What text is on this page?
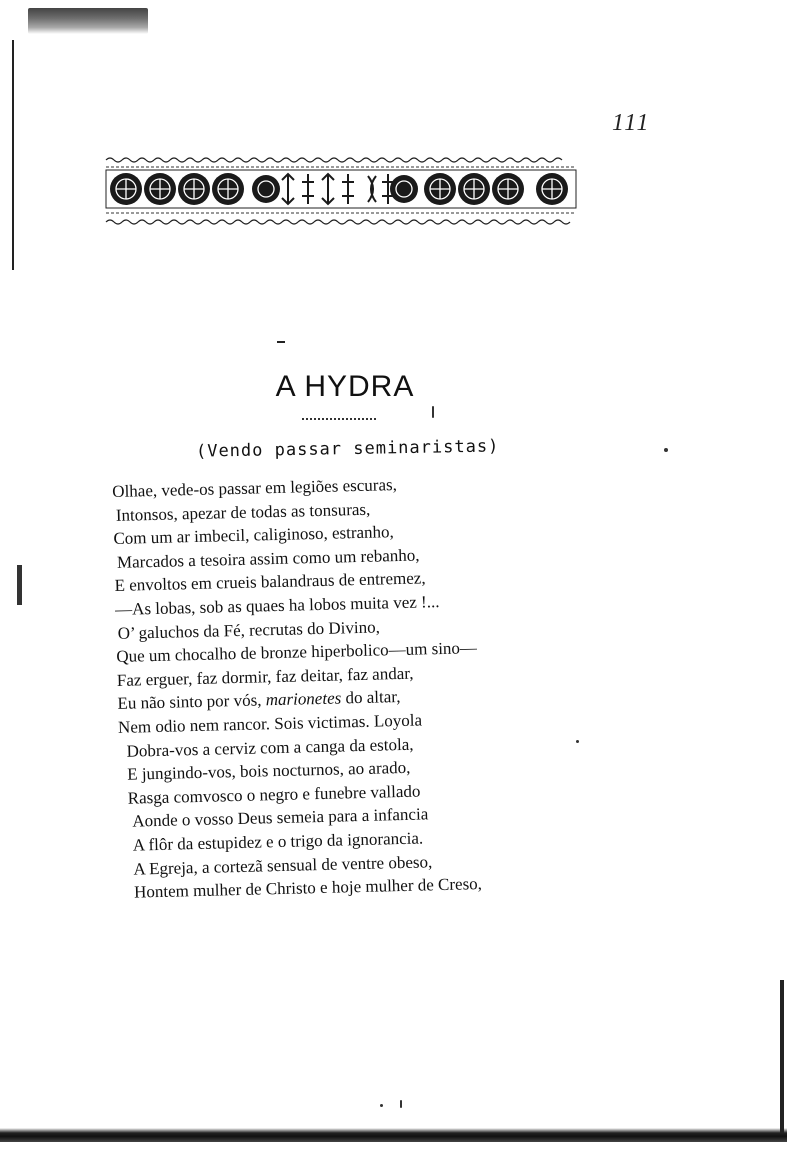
111
A HYDRA
(Vendo passar seminaristas)
Olhae, vede-os passar em legiões escuras,
Intonsos, apezar de todas as tonsuras,
Com um ar imbecil, caliginoso, estranho,
Marcados a tesoira assim como um rebanho,
E envoltos em crueis balandraus de entremez,
—As lobas, sob as quaes ha lobos muita vez !...
O’ galuchos da Fé, recrutas do Divino,
Que um chocalho de bronze hiperbolico—um sino—
Faz erguer, faz dormir, faz deitar, faz andar,
Eu não sinto por vós, marionetes do altar,
Nem odio nem rancor. Sois victimas. Loyola
Dobra-vos a cerviz com a canga da estola,
E jungindo-vos, bois nocturnos, ao arado,
Rasga comvosco o negro e funebre vallado
Aonde o vosso Deus semeia para a infancia
A flôr da estupidez e o trigo da ignorancia.
A Egreja, a cortezã sensual de ventre obeso,
Hontem mulher de Christo e hoje mulher de Creso,
